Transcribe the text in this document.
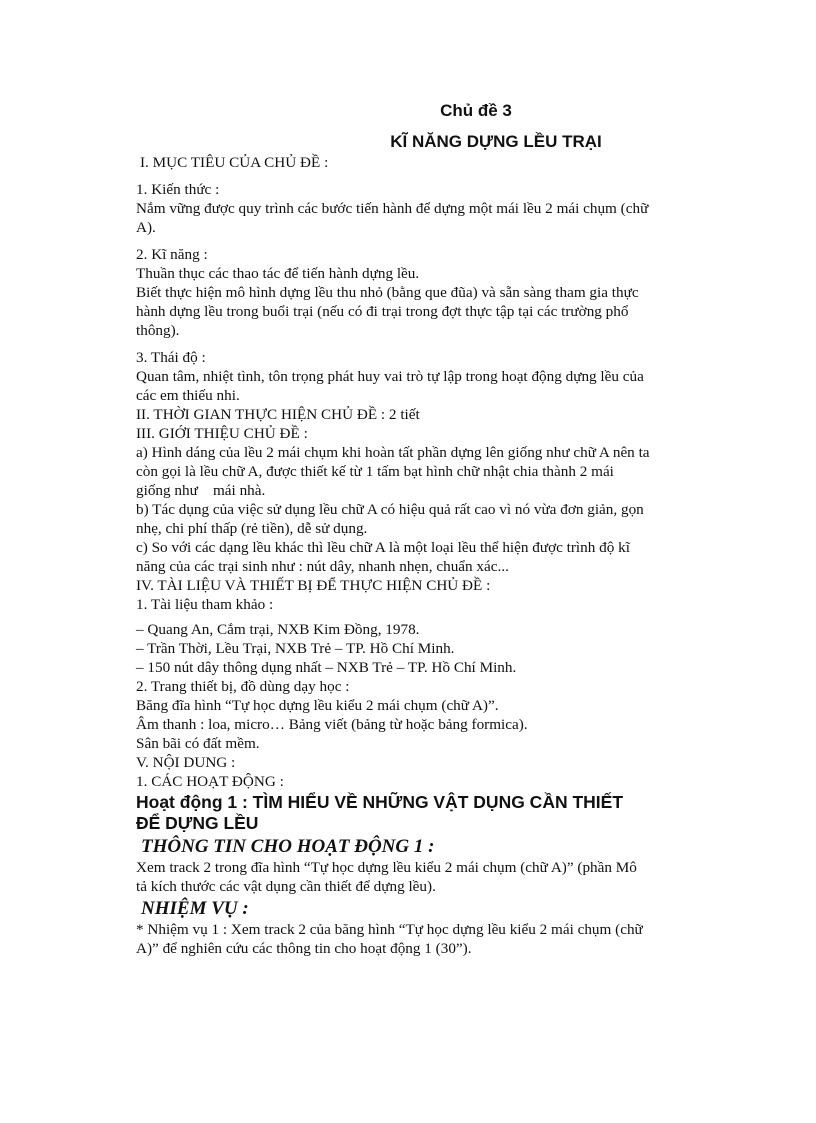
Chủ đề 3

KĨ NĂNG DỰNG LỀU TRẠI

I. MỤC TIÊU CỦA CHỦ ĐỀ :

1. Kiến thức :

Nắm vững được quy trình các bước tiến hành để dựng một mái lều 2 mái chụm (chữ

A).

2. Kĩ năng :

Thuần thục các thao tác để tiến hành dựng lều.

Biết thực hiện mô hình dựng lều thu nhỏ (bằng que đũa) và sẵn sàng tham gia thực

hành dựng lều trong buổi trại (nếu có đi trại trong đợt thực tập tại các trường phổ

thông).

3. Thái độ :

Quan tâm, nhiệt tình, tôn trọng phát huy vai trò tự lập trong hoạt động dựng lều của

các em thiếu nhi.

II. THỜI GIAN THỰC HIỆN CHỦ ĐỀ : 2 tiết

III. GIỚI THIỆU CHỦ ĐỀ :

a) Hình dáng của lều 2 mái chụm khi hoàn tất phần dựng lên giống như chữ A nên ta

còn gọi là lều chữ A, được thiết kế từ 1 tấm bạt hình chữ nhật chia thành 2 mái

giống như    mái nhà.

b) Tác dụng của việc sử dụng lều chữ A có hiệu quả rất cao vì nó vừa đơn giản, gọn

nhẹ, chi phí thấp (rẻ tiền), dễ sử dụng.

c) So với các dạng lều khác thì lều chữ A là một loại lều thể hiện được trình độ kĩ

năng của các trại sinh như : nút dây, nhanh nhẹn, chuẩn xác...

IV. TÀI LIỆU VÀ THIẾT BỊ ĐỂ THỰC HIỆN CHỦ ĐỀ :

1. Tài liệu tham khảo :

– Quang An, Cắm trại, NXB Kim Đồng, 1978.

– Trần Thời, Lều Trại, NXB Trẻ – TP. Hồ Chí Minh.

– 150 nút dây thông dụng nhất – NXB Trẻ – TP. Hồ Chí Minh.

2. Trang thiết bị, đồ dùng dạy học :

Băng đĩa hình “Tự học dựng lều kiểu 2 mái chụm (chữ A)”.

Âm thanh : loa, micro… Bảng viết (bảng từ hoặc bảng formica).

Sân bãi có đất mềm.

V. NỘI DUNG :

1. CÁC HOẠT ĐỘNG :

Hoạt động 1 : TÌM HIỂU VỀ NHỮNG VẬT DỤNG CẦN THIẾT

ĐỂ DỰNG LỀU

THÔNG TIN CHO HOẠT ĐỘNG 1 :

Xem track 2 trong đĩa hình “Tự học dựng lều kiểu 2 mái chụm (chữ A)” (phần Mô

tả kích thước các vật dụng cần thiết để dựng lều).

NHIỆM VỤ :

* Nhiệm vụ 1 : Xem track 2 của băng hình “Tự học dựng lều kiểu 2 mái chụm (chữ

A)” để nghiên cứu các thông tin cho hoạt động 1 (30”).
